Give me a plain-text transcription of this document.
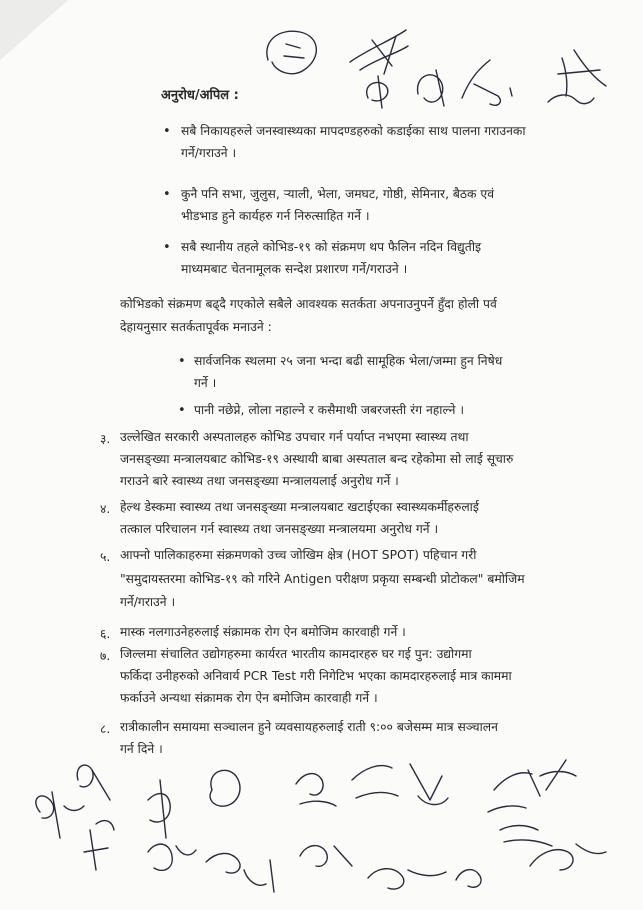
अनुरोध/अपिल :
• सबै निकायहरुले जनस्वास्थ्यका मापदण्डहरुको कडाईका साथ पालना गराउनका
गर्ने/गराउने ।
• कुनै पनि सभा, जुलुस, र्‍याली, भेला, जमघट, गोष्ठी, सेमिनार, बैठक एवं
भीडभाड हुने कार्यहरु गर्न निरुत्साहित गर्ने ।
• सबै स्थानीय तहले कोभिड-१९ को संक्रमण थप फैलिन नदिन विद्युतीइ
माध्यमबाट चेतनामूलक सन्देश प्रशारण गर्ने/गराउने ।
कोभिडको संक्रमण बढ्दै गएकोले सबैले आवश्यक सतर्कता अपनाउनुपर्ने हुँदा होली पर्व
देहायनुसार सतर्कतापूर्वक मनाउने :
• सार्वजनिक स्थलमा २५ जना भन्दा बढी सामूहिक भेला/जम्मा हुन निषेध
गर्ने ।
• पानी नछेप्ने, लोला नहाल्ने र कसैमाथी जबरजस्ती रंग नहाल्ने ।
३. उल्लेखित सरकारी अस्पतालहरु कोभिड उपचार गर्न पर्याप्त नभएमा स्वास्थ्य तथा
जनसङ्ख्या मन्त्रालयबाट कोभिड-१९ अस्थायी बाबा अस्पताल बन्द रहेकोमा सो लाई सूचारु
गराउने बारे स्वास्थ्य तथा जनसङ्ख्या मन्त्रालयलाई अनुरोध गर्ने ।
४. हेल्थ डेस्कमा स्वास्थ्य तथा जनसङ्ख्या मन्त्रालयबाट खटाईएका स्वास्थ्यकर्मीहरुलाई
तत्काल परिचालन गर्न स्वास्थ्य तथा जनसङ्ख्या मन्त्रालयमा अनुरोध गर्ने ।
५. आफ्नो पालिकाहरुमा संक्रमणको उच्च जोखिम क्षेत्र (HOT SPOT) पहिचान गरी
"समुदायस्तरमा कोभिड-१९ को गरिने Antigen परीक्षण प्रकृया सम्बन्धी प्रोटोकल" बमोजिम
गर्ने/गराउने ।
६. मास्क नलगाउनेहरुलाई संक्रामक रोग ऐन बमोजिम कारवाही गर्ने ।
७. जिल्लमा संचालित उद्योगहरुमा कार्यरत भारतीय कामदारहरु घर गई पुन: उद्योगमा
फर्किदा उनीहरुको अनिवार्य PCR Test गरी निगेटिभ भएका कामदारहरुलाई मात्र काममा
फर्काउने अन्यथा संक्रामक रोग ऐन बमोजिम कारवाही गर्ने ।
८. रात्रीकालीन समायमा सञ्चालन हुने व्यवसायहरुलाई राती ९:०० बजेसम्म मात्र सञ्चालन
गर्न दिने ।
